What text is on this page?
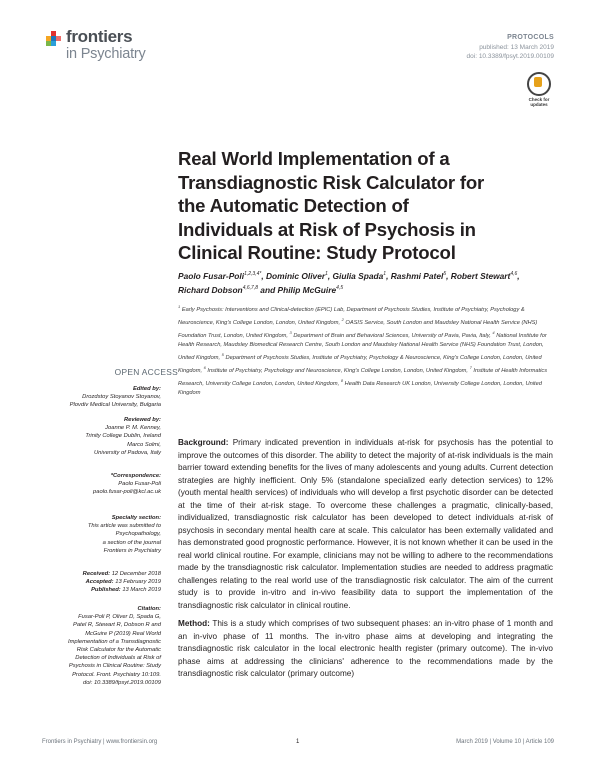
frontiers
in Psychiatry
PROTOCOLS
published: 13 March 2019
doi: 10.3389/fpsyt.2019.00109
Check for
updates
Real World Implementation of a
Transdiagnostic Risk Calculator for
the Automatic Detection of
Individuals at Risk of Psychosis in
Clinical Routine: Study Protocol
Paolo Fusar-Poli$^{1,2,3,4*}$, Dominic Oliver$^1$, Giulia Spada$^1$, Rashmi Patel$^5$, Robert Stewart$^{4,6}$,
Richard Dobson$^{4,6,7,8}$ and Philip McGuire$^{4,5}$
$^1$ Early Psychosis: Interventions and Clinical-detection (EPIC) Lab, Department of Psychosis Studies, Institute of Psychiatry, Psychology & Neuroscience, King's College London, London, United Kingdom, $^2$ OASIS Service, South London and Maudsley National Health Service (NHS) Foundation Trust, London, United Kingdom, $^3$ Department of Brain and Behavioral Sciences, University of Pavia, Pavia, Italy, $^4$ National Institute for Health Research, Maudsley Biomedical Research Centre, South London and Maudsley National Health Service (NHS) Foundation Trust, London, United Kingdom, $^5$ Department of Psychosis Studies, Institute of Psychiatry, Psychology & Neuroscience, King's College London, London, United Kingdom, $^6$ Institute of Psychiatry, Psychology and Neuroscience, King's College London, London, United Kingdom, $^7$ Institute of Health Informatics Research, University College London, London, United Kingdom, $^8$ Health Data Research UK London, University College London, London, United Kingdom
OPEN ACCESS
Edited by:
Drozdstoy Stoyanov Stoyanov,
Plovdiv Medical University, Bulgaria
Reviewed by:
Joanne P. M. Kenney,
Trinity College Dublin, Ireland
Marco Solmi,
University of Padova, Italy
*Correspondence:
Paolo Fusar-Poli
paolo.fusar-poli@kcl.ac.uk
Specialty section:
This article was submitted to
Psychopathology,
a section of the journal
Frontiers in Psychiatry
Received: 12 December 2018
Accepted: 13 February 2019
Published: 13 March 2019
Citation:
Fusar-Poli P, Oliver D, Spada G,
Patel R, Stewart R, Dobson R and
McGuire P (2019) Real World
Implementation of a Transdiagnostic
Risk Calculator for the Automatic
Detection of Individuals at Risk of
Psychosis in Clinical Routine: Study
Protocol. Front. Psychiatry 10:109.
doi: 10.3389/fpsyt.2019.00109

Background: Primary indicated prevention in individuals at-risk for psychosis has the potential to improve the outcomes of this disorder. The ability to detect the majority of at-risk individuals is the main barrier toward extending benefits for the lives of many adolescents and young adults. Current detection strategies are highly inefficient. Only 5% (standalone specialized early detection services) to 12% (youth mental health services) of individuals who will develop a first psychotic disorder can be detected at the time of their at-risk stage. To overcome these challenges a pragmatic, clinically-based, individualized, transdiagnostic risk calculator has been developed to detect individuals at-risk of psychosis in secondary mental health care at scale. This calculator has been externally validated and has demonstrated good prognostic performance. However, it is not known whether it can be used in the real world clinical routine. For example, clinicians may not be willing to adhere to the recommendations made by the transdiagnostic risk calculator. Implementation studies are needed to address pragmatic challenges relating to the real world use of the transdiagnostic risk calculator. The aim of the current study is to provide in-vitro and in-vivo feasibility data to support the implementation of the transdiagnostic risk calculator in clinical routine.

Method: This is a study which comprises of two subsequent phases: an in-vitro phase of 1 month and an in-vivo phase of 11 months. The in-vitro phase aims at developing and integrating the transdiagnostic risk calculator in the local electronic health register (primary outcome). The in-vivo phase aims at addressing the clinicians' adherence to the recommendations made by the transdiagnostic risk calculator (primary outcome)

Frontiers in Psychiatry | www.frontiersin.org	1	March 2019 | Volume 10 | Article 109
